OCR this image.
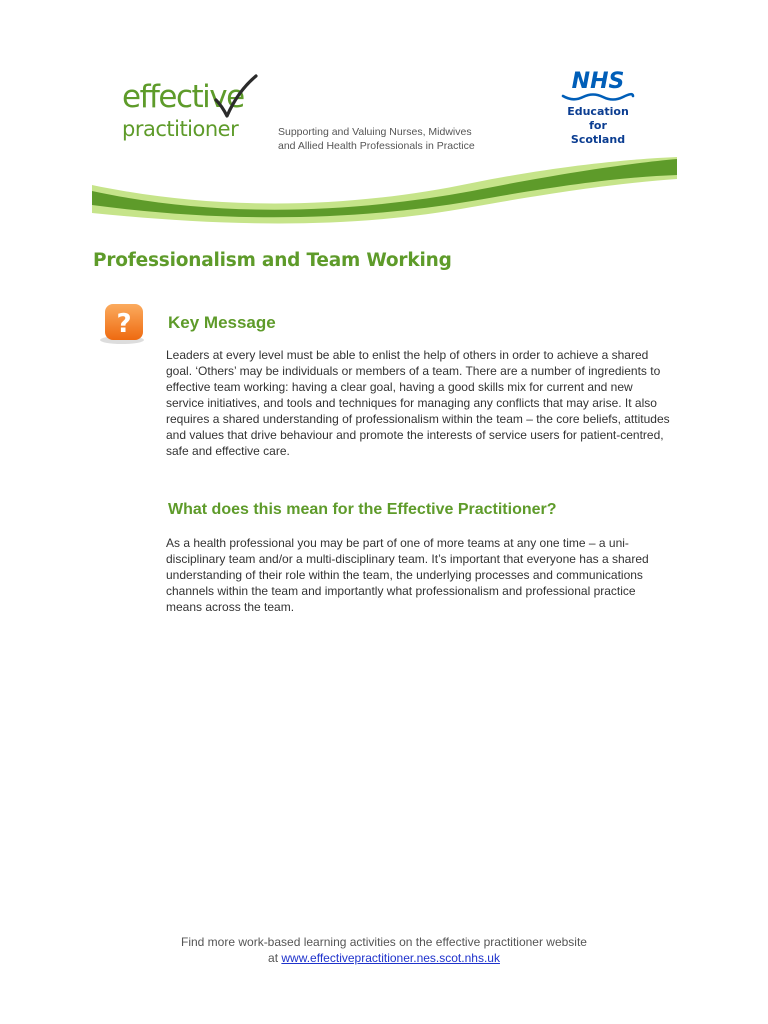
effective
practitioner	Supporting and Valuing Nurses, Midwives
and Allied Health Professionals in Practice
NHS
Education
for
Scotland
Professionalism and Team Working
? Key Message

Leaders at every level must be able to enlist the help of others in order to achieve a shared goal. ‘Others’ may be individuals or members of a team. There are a number of ingredients to effective team working: having a clear goal, having a good skills mix for current and new service initiatives, and tools and techniques for managing any conflicts that may arise. It also requires a shared understanding of professionalism within the team – the core beliefs, attitudes and values that drive behaviour and promote the interests of service users for patient-centred, safe and effective care.

What does this mean for the Effective Practitioner?

As a health professional you may be part of one of more teams at any one time – a uni-disciplinary team and/or a multi-disciplinary team. It’s important that everyone has a shared understanding of their role within the team, the underlying processes and communications channels within the team and importantly what professionalism and professional practice means across the team.

Find more work-based learning activities on the effective practitioner website
at www.effectivepractitioner.nes.scot.nhs.uk
